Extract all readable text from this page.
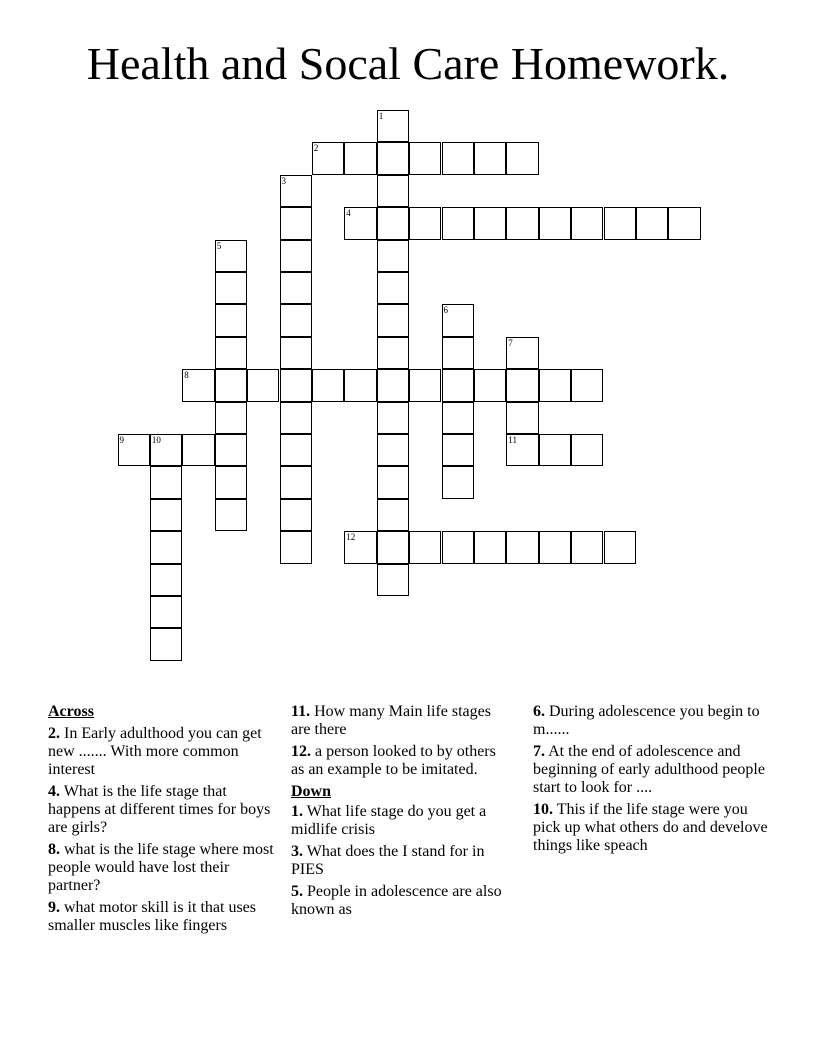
Health and Socal Care Homework.
1
2
3
4
5
6
7
11
8
9	10
12
Across
2. In Early adulthood you can get new ....... With more common interest
4. What is the life stage that happens at different times for boys are girls?
8. what is the life stage where most people would have lost their partner?
9. what motor skill is it that uses smaller muscles like fingers
11. How many Main life stages are there
12. a person looked to by others as an example to be imitated.
Down
1. What life stage do you get a midlife crisis
3. What does the I stand for in PIES
5. People in adolescence are also known as
6. During adolescence you begin to m......
7. At the end of adolescence and beginning of early adulthood people start to look for ....
10. This if the life stage were you pick up what others do and develove things like speach
